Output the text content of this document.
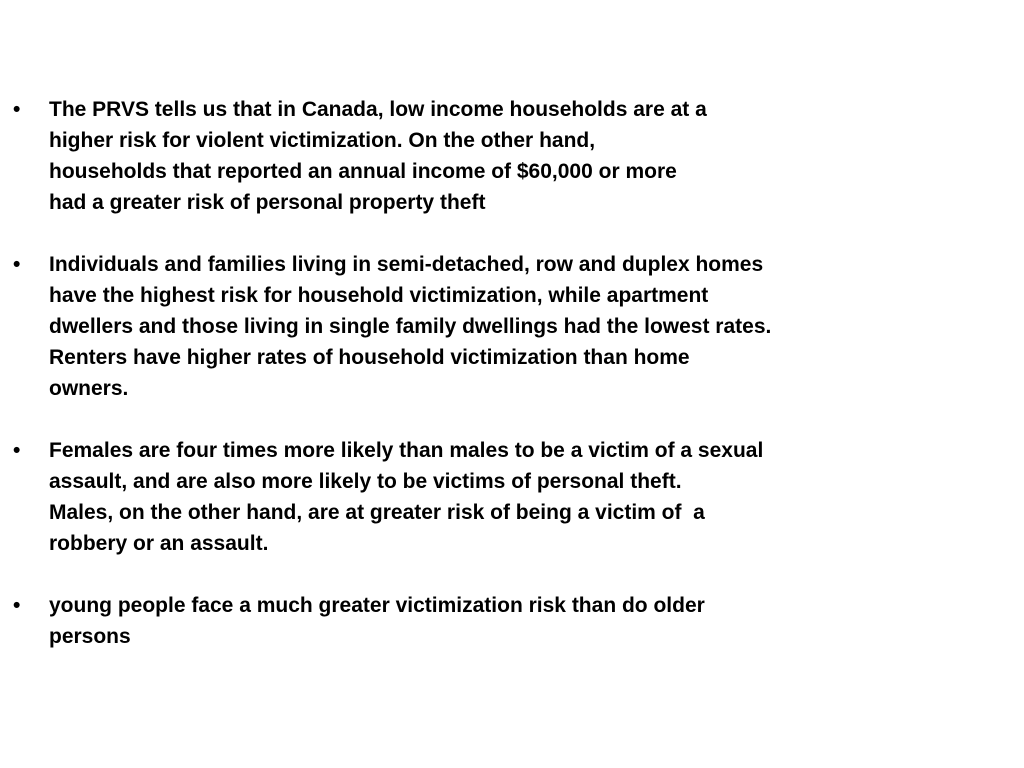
•	The PRVS tells us that in Canada, low income households are at a
higher risk for violent victimization. On the other hand,
households that reported an annual income of $60,000 or more
had a greater risk of personal property theft
•	Individuals and families living in semi-detached, row and duplex homes
have the highest risk for household victimization, while apartment
dwellers and those living in single family dwellings had the lowest rates.
Renters have higher rates of household victimization than home
owners.
•	Females are four times more likely than males to be a victim of a sexual
assault, and are also more likely to be victims of personal theft.
Males, on the other hand, are at greater risk of being a victim of  a
robbery or an assault.
•	young people face a much greater victimization risk than do older
persons
